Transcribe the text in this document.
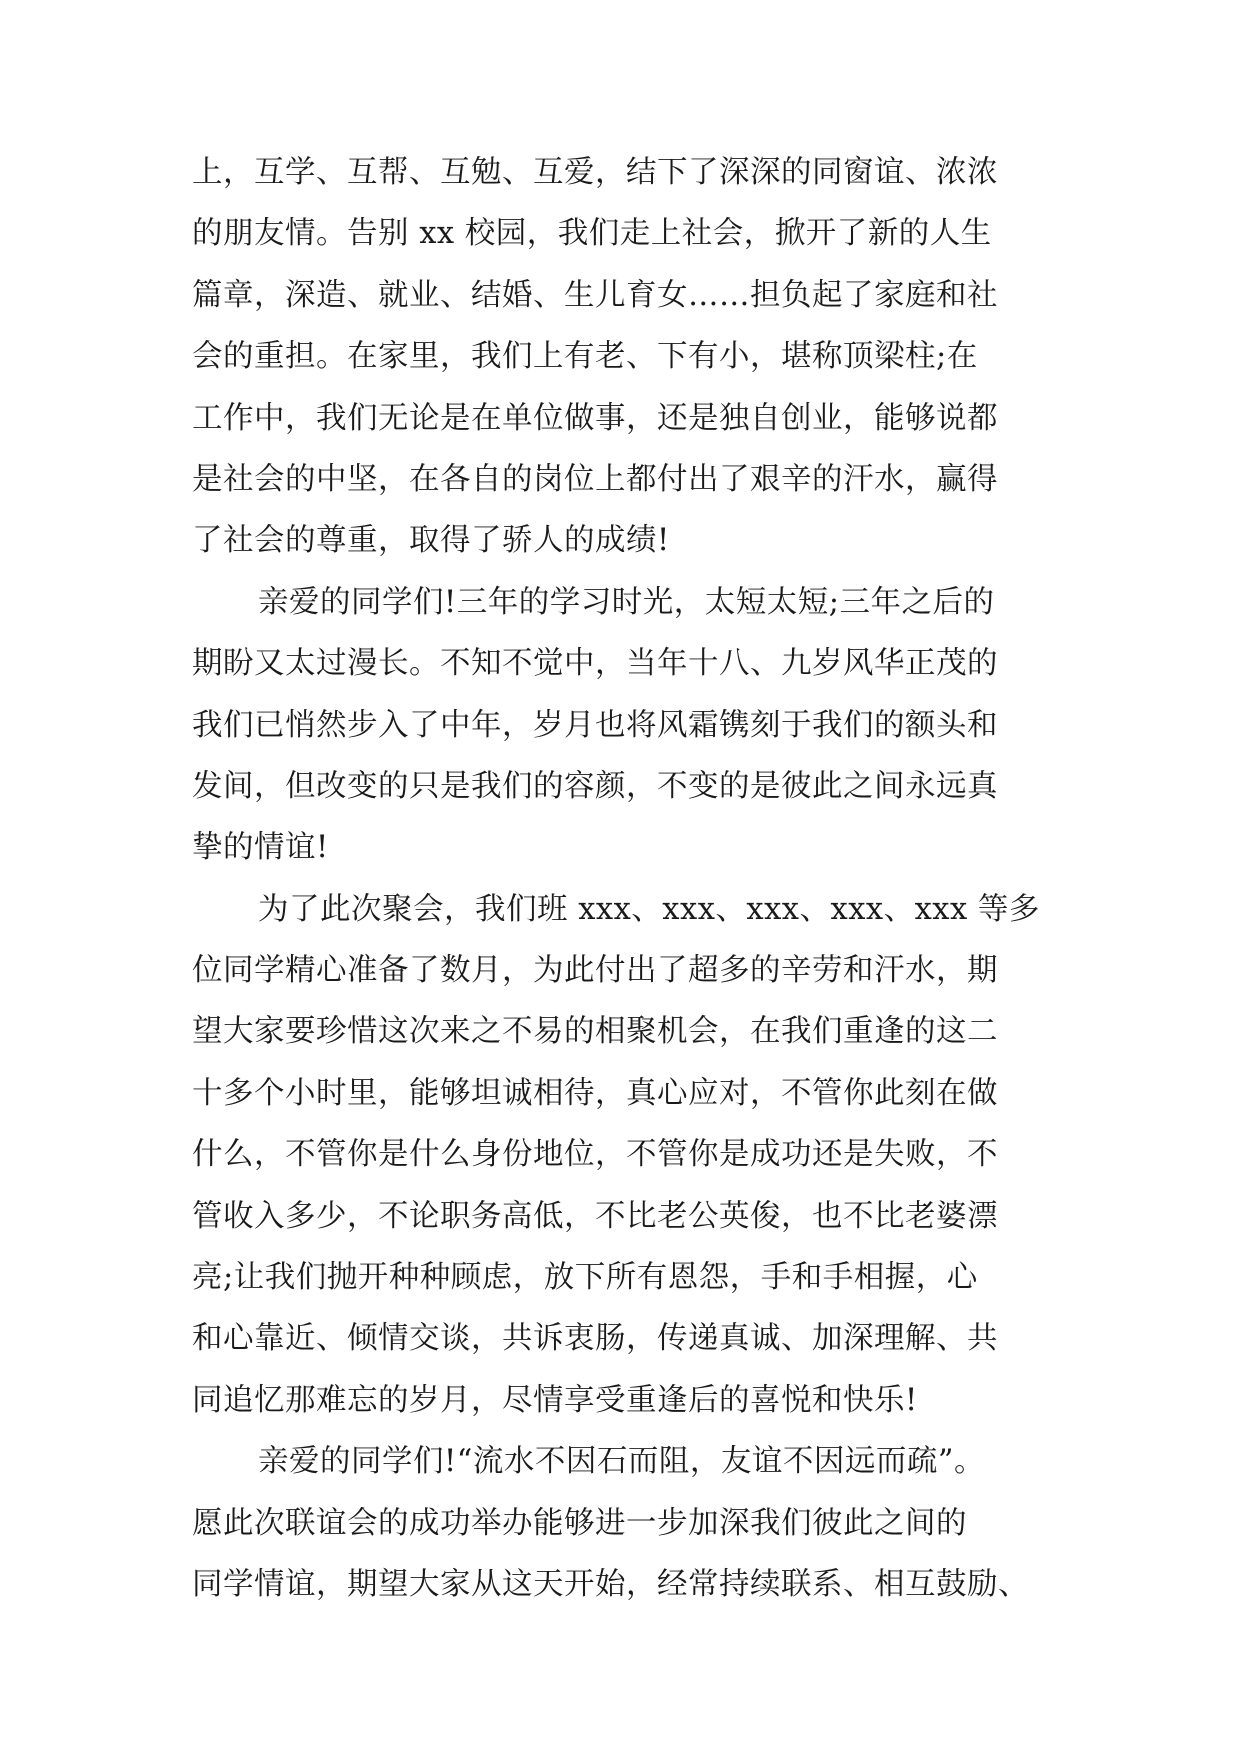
上，互学、互帮、互勉、互爱，结下了深深的同窗谊、浓浓
的朋友情。告别 xx 校园，我们走上社会，掀开了新的人生
篇章，深造、就业、结婚、生儿育女……担负起了家庭和社
会的重担。在家里，我们上有老、下有小，堪称顶梁柱;在
工作中，我们无论是在单位做事，还是独自创业，能够说都
是社会的中坚，在各自的岗位上都付出了艰辛的汗水，赢得
了社会的尊重，取得了骄人的成绩!
亲爱的同学们!三年的学习时光，太短太短;三年之后的
期盼又太过漫长。不知不觉中，当年十八、九岁风华正茂的
我们已悄然步入了中年，岁月也将风霜镌刻于我们的额头和
发间，但改变的只是我们的容颜，不变的是彼此之间永远真
挚的情谊!
为了此次聚会，我们班 xxx、xxx、xxx、xxx、xxx 等多
位同学精心准备了数月，为此付出了超多的辛劳和汗水，期
望大家要珍惜这次来之不易的相聚机会，在我们重逢的这二
十多个小时里，能够坦诚相待，真心应对，不管你此刻在做
什么，不管你是什么身份地位，不管你是成功还是失败，不
管收入多少，不论职务高低，不比老公英俊，也不比老婆漂
亮;让我们抛开种种顾虑，放下所有恩怨，手和手相握，心
和心靠近、倾情交谈，共诉衷肠，传递真诚、加深理解、共
同追忆那难忘的岁月，尽情享受重逢后的喜悦和快乐!
亲爱的同学们!“流水不因石而阻，友谊不因远而疏”。
愿此次联谊会的成功举办能够进一步加深我们彼此之间的
同学情谊，期望大家从这天开始，经常持续联系、相互鼓励、
